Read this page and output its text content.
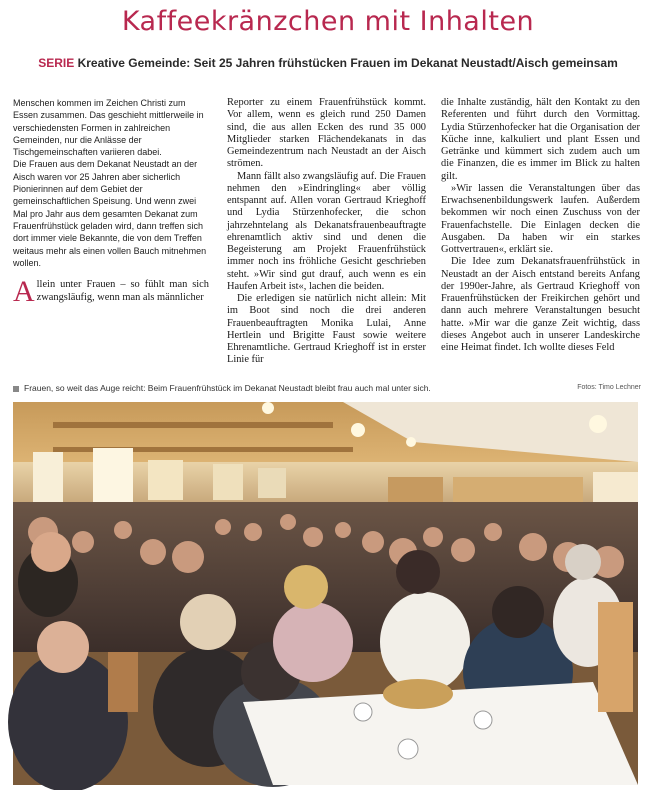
Kaffeekränzchen mit Inhalten
SERIE Kreative Gemeinde: Seit 25 Jahren frühstücken Frauen im Dekanat Neustadt/Aisch gemeinsam

Menschen kommen im Zeichen Christi zum Essen zusammen. Das geschieht mittlerweile in verschiedensten Formen in zahlreichen Gemeinden, nur die Anlässe der Tischgemeinschaften variieren dabei.

Die Frauen aus dem Dekanat Neustadt an der Aisch waren vor 25 Jahren aber sicherlich Pionierinnen auf dem Gebiet der gemeinschaftlichen Speisung. Und wenn zwei Mal pro Jahr aus dem gesamten Dekanat zum Frauenfrühstück geladen wird, dann treffen sich dort immer viele Bekannte, die von dem Treffen weitaus mehr als einen vollen Bauch mitnehmen wollen.

Allein unter Frauen – so fühlt man sich zwangsläufig, wenn man als männlicher

Reporter zu einem Frauenfrühstück kommt. Vor allem, wenn es gleich rund 250 Damen sind, die aus allen Ecken des rund 35 000 Mitglieder starken Flächendekanats in das Gemeindezentrum nach Neustadt an der Aisch strömen.

Mann fällt also zwangsläufig auf. Die Frauen nehmen den »Eindringling« aber völlig entspannt auf. Allen voran Gertraud Krieghoff und Lydia Stürzenhofecker, die schon jahrzehntelang als Dekanatsfrauenbeauftragte ehrenamtlich aktiv sind und denen die Begeisterung am Projekt Frauenfrühstück immer noch ins fröhliche Gesicht geschrieben steht. »Wir sind gut drauf, auch wenn es ein Haufen Arbeit ist«, lachen die beiden.

Die erledigen sie natürlich nicht allein: Mit im Boot sind noch die drei anderen Frauenbeauftragten Monika Lulai, Anne Hertlein und Brigitte Faust sowie weitere Ehrenamtliche. Gertraud Krieghoff ist in erster Linie für

die Inhalte zuständig, hält den Kontakt zu den Referenten und führt durch den Vormittag. Lydia Stürzenhofecker hat die Organisation der Küche inne, kalkuliert und plant Essen und Getränke und kümmert sich zudem auch um die Finanzen, die es immer im Blick zu halten gilt.

»Wir lassen die Veranstaltungen über das Erwachsenenbildungswerk laufen. Außerdem bekommen wir noch einen Zuschuss von der Frauenfachstelle. Die Einlagen decken die Ausgaben. Da haben wir ein starkes Gottvertrauen«, erklärt sie.

Die Idee zum Dekanatsfrauenfrühstück in Neustadt an der Aisch entstand bereits Anfang der 1990er-Jahre, als Gertraud Krieghoff von Frauenfrühstücken der Freikirchen gehört und dann auch mehrere Veranstaltungen besucht hatte. »Mir war die ganze Zeit wichtig, dass dieses Angebot auch in unserer Landeskirche eine Heimat findet. Ich wollte dieses Feld

Frauen, so weit das Auge reicht: Beim Frauenfrühstück im Dekanat Neustadt bleibt frau auch mal unter sich.	Fotos: Timo Lechner
